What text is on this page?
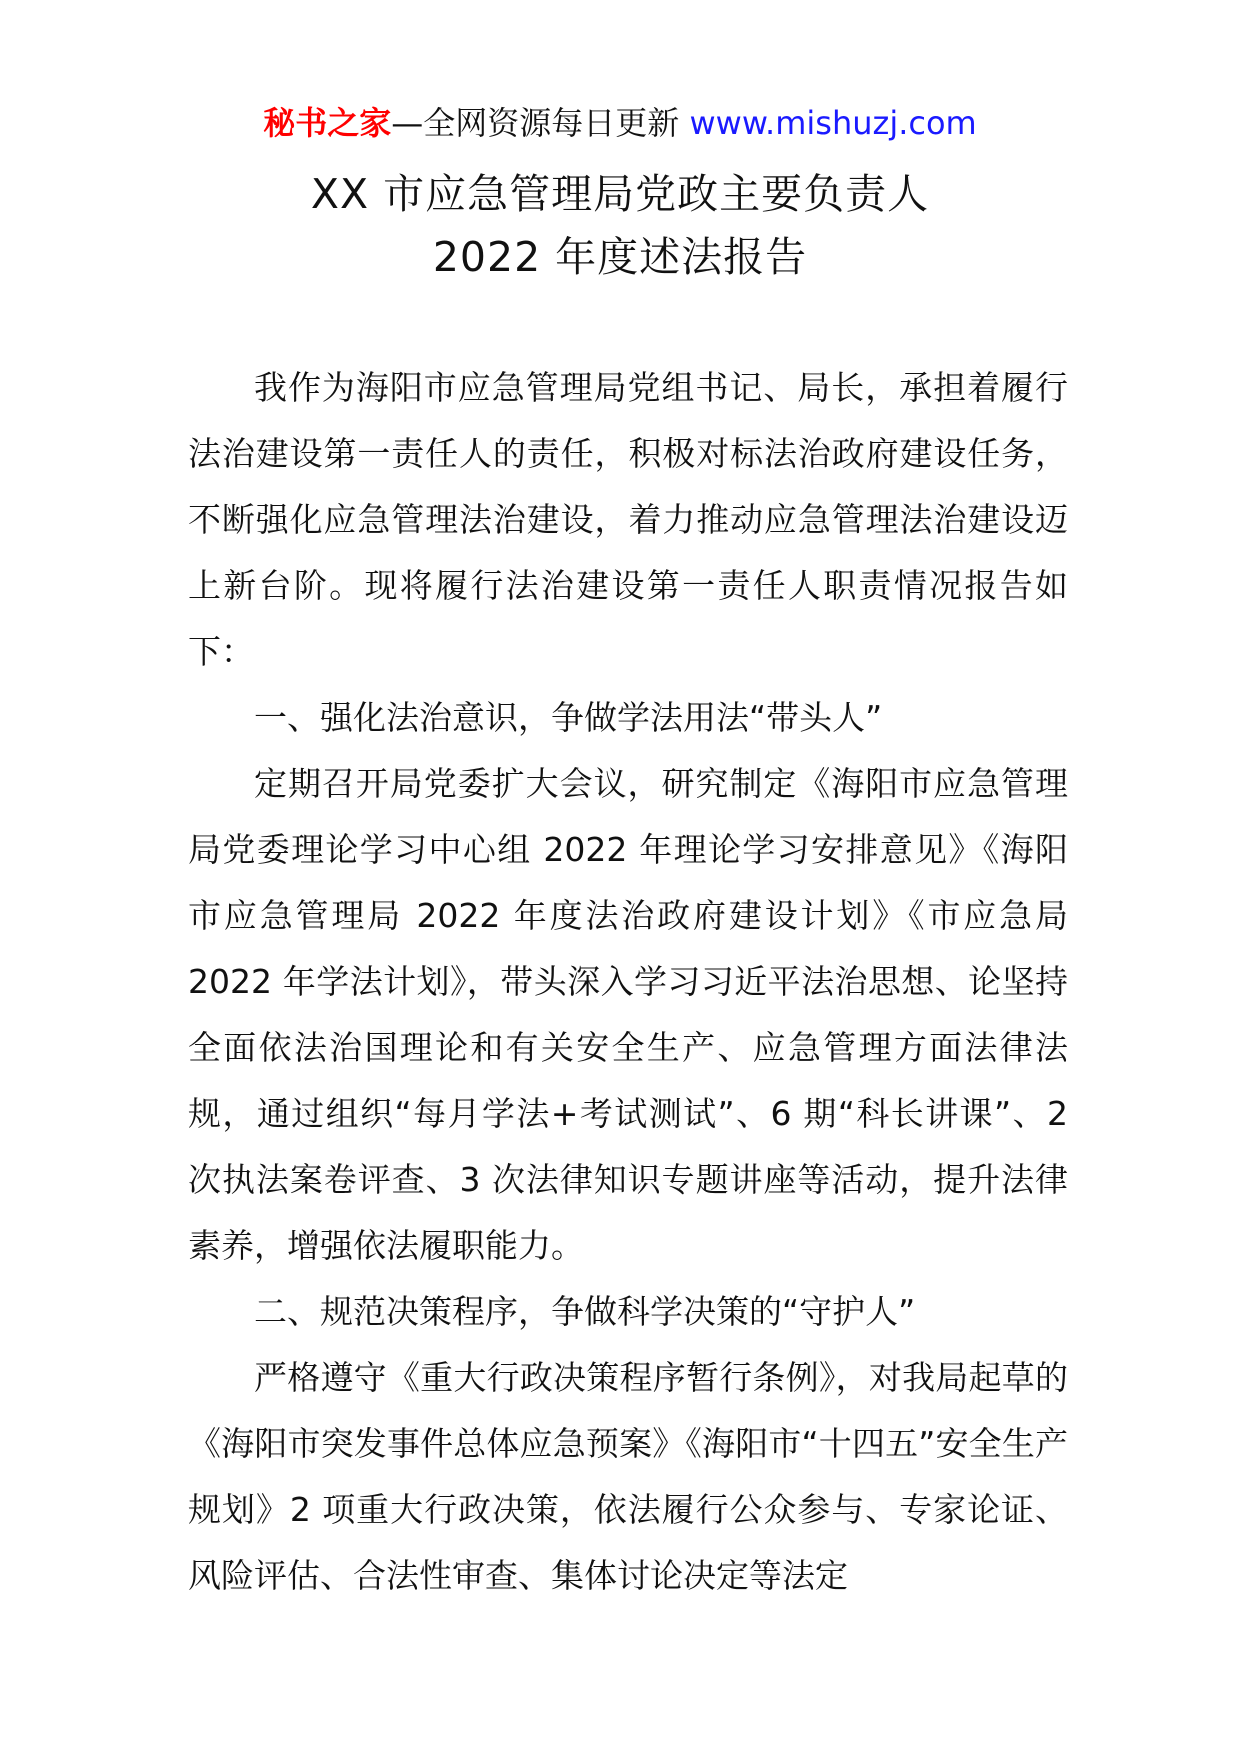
秘书之家—全网资源每日更新 www.mishuzj.com
XX 市应急管理局党政主要负责人
2022 年度述法报告

我作为海阳市应急管理局党组书记、局长，承担着履行法治建设第一责任人的责任，积极对标法治政府建设任务，不断强化应急管理法治建设，着力推动应急管理法治建设迈上新台阶。现将履行法治建设第一责任人职责情况报告如下：

一、强化法治意识，争做学法用法“带头人”

定期召开局党委扩大会议，研究制定《海阳市应急管理局党委理论学习中心组 2022 年理论学习安排意见》《海阳市应急管理局 2022 年度法治政府建设计划》《市应急局 2022 年学法计划》，带头深入学习习近平法治思想、论坚持全面依法治国理论和有关安全生产、应急管理方面法律法规，通过组织“每月学法+考试测试”、6 期“科长讲课”、2 次执法案卷评查、3 次法律知识专题讲座等活动，提升法律素养，增强依法履职能力。

二、规范决策程序，争做科学决策的“守护人”

严格遵守《重大行政决策程序暂行条例》，对我局起草的《海阳市突发事件总体应急预案》《海阳市“十四五”安全生产规划》2 项重大行政决策，依法履行公众参与、专家论证、风险评估、合法性审查、集体讨论决定等法定
